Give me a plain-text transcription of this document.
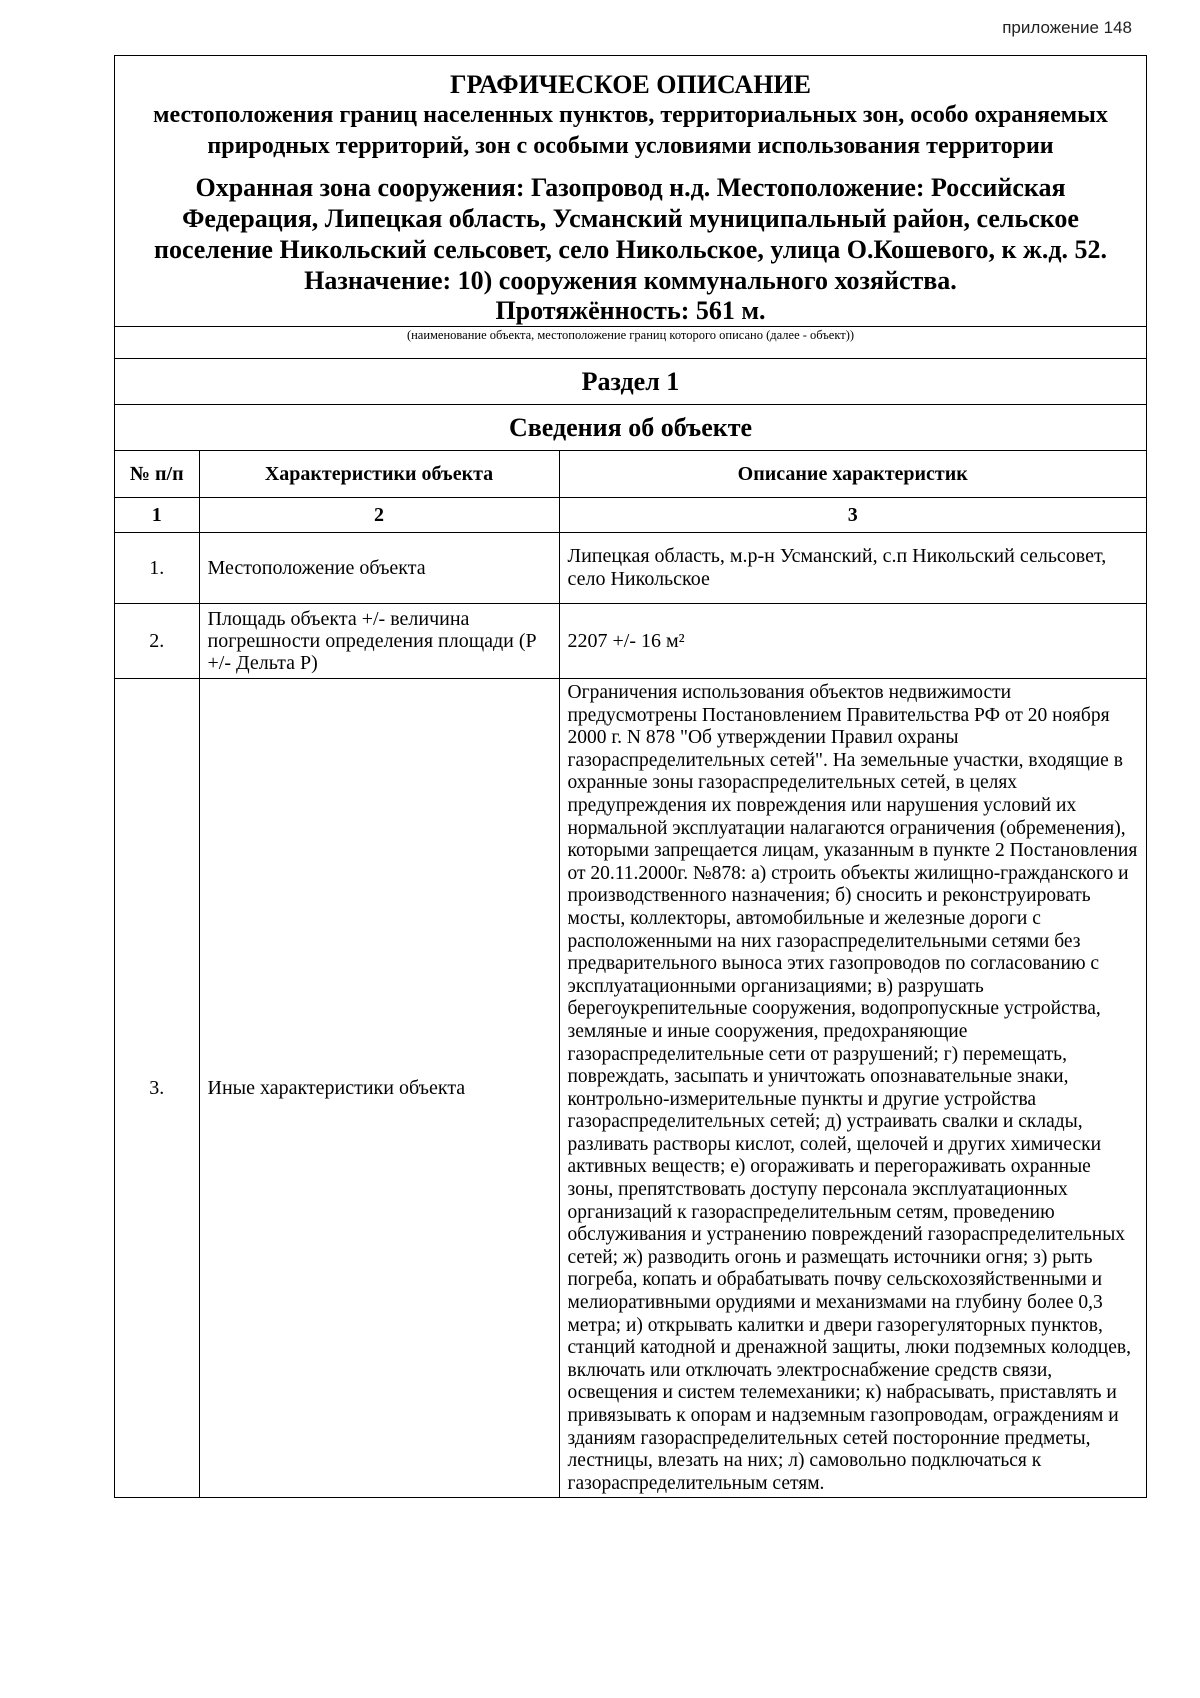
приложение 148
ГРАФИЧЕСКОЕ ОПИСАНИЕ
местоположения границ населенных пунктов, территориальных зон, особо охраняемых природных территорий, зон с особыми условиями использования территории
Охранная зона сооружения: Газопровод н.д. Местоположение: Российская Федерация, Липецкая область, Усманский муниципальный район, сельское поселение Никольский сельсовет, село Никольское, улица О.Кошевого, к ж.д. 52. Назначение: 10) сооружения коммунального хозяйства.
Протяжённость: 561 м.
(наименование объекта, местоположение границ которого описано (далее - объект))
Раздел 1
Сведения об объекте
№ п/п	Характеристики объекта	Описание характеристик
1	2	3
1.	Местоположение объекта	Липецкая область, м.р-н Усманский, с.п Никольский сельсовет, село Никольское
2.	Площадь объекта +/- величина погрешности определения площади (Р +/- Дельта Р)	2207 +/- 16 м²
3.	Иные характеристики объекта	Ограничения использования объектов недвижимости предусмотрены Постановлением Правительства РФ от 20 ноября 2000 г. N 878 "Об утверждении Правил охраны газораспределительных сетей". На земельные участки, входящие в охранные зоны газораспределительных сетей, в целях предупреждения их повреждения или нарушения условий их нормальной эксплуатации налагаются ограничения (обременения), которыми запрещается лицам, указанным в пункте 2 Постановления от 20.11.2000г. №878: а) строить объекты жилищно-гражданского и производственного назначения; б) сносить и реконструировать мосты, коллекторы, автомобильные и железные дороги с расположенными на них газораспределительными сетями без предварительного выноса этих газопроводов по согласованию с эксплуатационными организациями; в) разрушать берегоукрепительные сооружения, водопропускные устройства, земляные и иные сооружения, предохраняющие газораспределительные сети от разрушений; г) перемещать, повреждать, засыпать и уничтожать опознавательные знаки, контрольно-измерительные пункты и другие устройства газораспределительных сетей; д) устраивать свалки и склады, разливать растворы кислот, солей, щелочей и других химически активных веществ; е) огораживать и перегораживать охранные зоны, препятствовать доступу персонала эксплуатационных организаций к газораспределительным сетям, проведению обслуживания и устранению повреждений газораспределительных сетей; ж) разводить огонь и размещать источники огня; з) рыть погреба, копать и обрабатывать почву сельскохозяйственными и мелиоративными орудиями и механизмами на глубину более 0,3 метра; и) открывать калитки и двери газорегуляторных пунктов, станций катодной и дренажной защиты, люки подземных колодцев, включать или отключать электроснабжение средств связи, освещения и систем телемеханики; к) набрасывать, приставлять и привязывать к опорам и надземным газопроводам, ограждениям и зданиям газораспределительных сетей посторонние предметы, лестницы, влезать на них; л) самовольно подключаться к газораспределительным сетям.
